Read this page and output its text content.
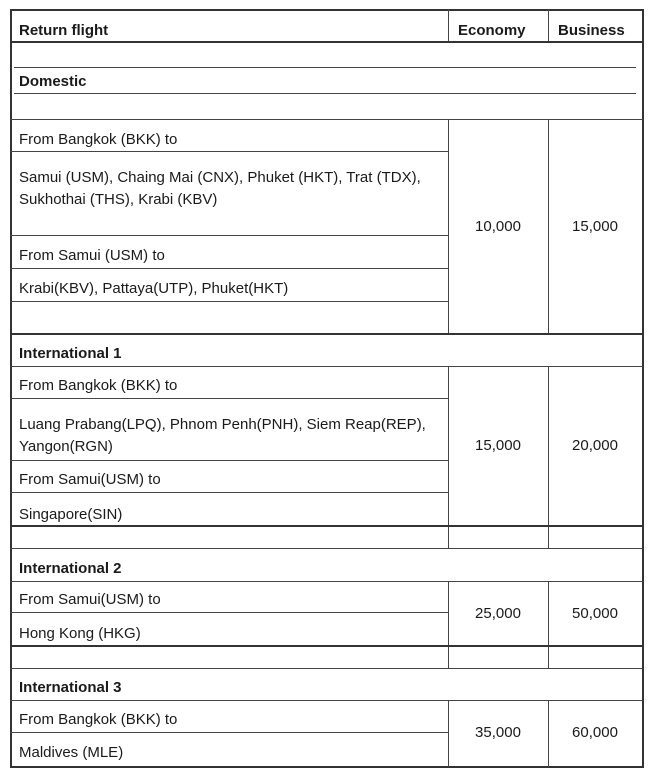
Return flight	Economy Business
Domestic
From Bangkok (BKK) to
Samui (USM), Chaing Mai (CNX), Phuket (HKT), Trat (TDX), Sukhothai (THS), Krabi (KBV)
From Samui (USM) to
Krabi(KBV), Pattaya(UTP), Phuket(HKT)
10,000	15,000
International 1
From Bangkok (BKK) to
Luang Prabang(LPQ), Phnom Penh(PNH), Siem Reap(REP), Yangon(RGN)
From Samui(USM) to
Singapore(SIN)
15,000	20,000
International 2
From Samui(USM) to
Hong Kong (HKG)
25,000	50,000
International 3
From Bangkok (BKK) to
Maldives (MLE)
35,000	60,000
